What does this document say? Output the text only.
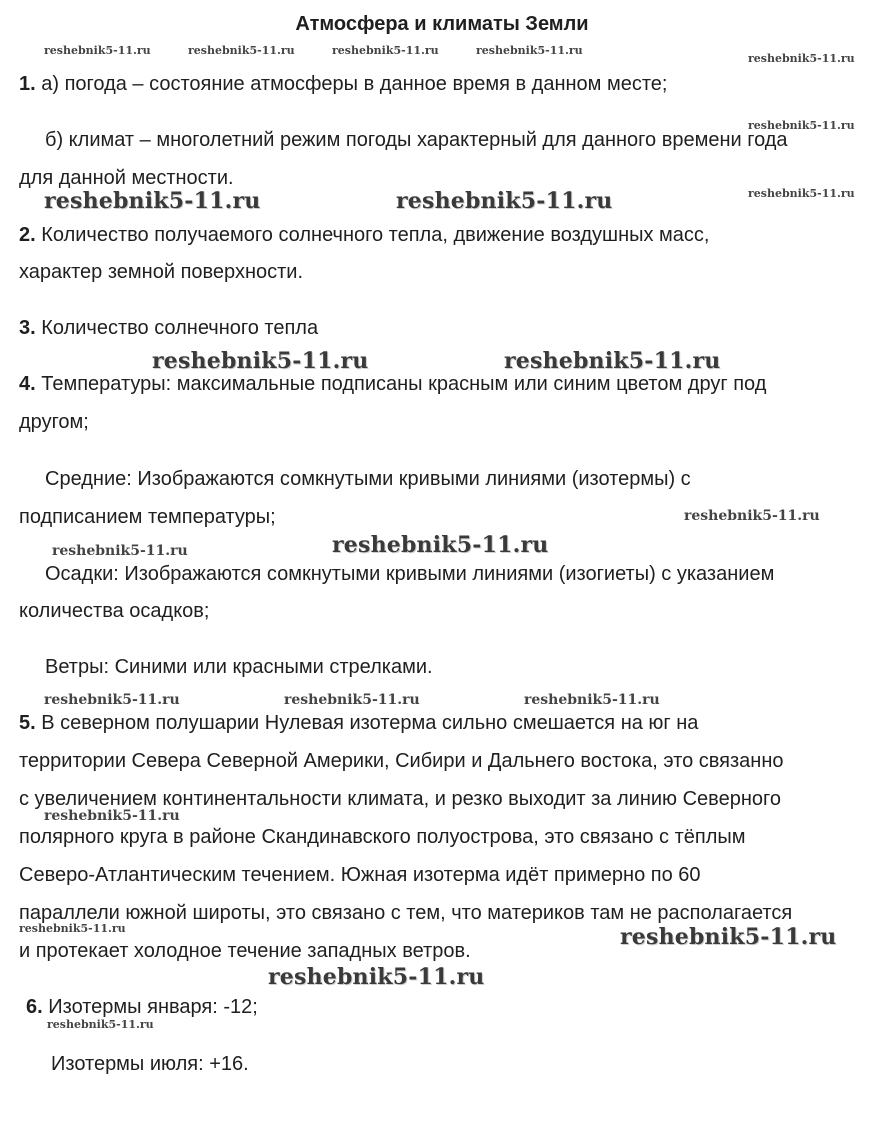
Атмосфера и климаты Земли
1. а) погода – состояние атмосферы в данное время в данном месте;
б) климат – многолетний режим погоды характерный для данного времени года
для данной местности.
2. Количество получаемого солнечного тепла, движение воздушных масс,
характер земной поверхности.
3. Количество солнечного тепла
4. Температуры: максимальные подписаны красным или синим цветом друг под
другом;
Средние: Изображаются сомкнутыми кривыми линиями (изотермы) с
подписанием температуры;
Осадки: Изображаются сомкнутыми кривыми линиями (изогиеты) с указанием
количества осадков;
Ветры: Синими или красными стрелками.
5. В северном полушарии Нулевая изотерма сильно смешается на юг на
территории Севера Северной Америки, Сибири и Дальнего востока, это связанно
с увеличением континентальности климата, и резко выходит за линию Северного
полярного круга в районе Скандинавского полуострова, это связано с тёплым
Северо-Атлантическим течением. Южная изотерма идёт примерно по 60
параллели южной широты, это связано с тем, что материков там не располагается
и протекает холодное течение западных ветров.
6. Изотермы января: -12;
Изотермы июля: +16.
reshebnik5-11.ru	reshebnik5-11.ru	reshebnik5-11.ru	reshebnik5-11.ru
reshebnik5-11.ru
reshebnik5-11.ru
reshebnik5-11.ru
reshebnik5-11.ru
reshebnik5-11.ru
reshebnik5-11.ru	reshebnik5-11.ru	reshebnik5-11.ru
reshebnik5-11.ru
reshebnik5-11.ru
reshebnik5-11.ru
reshebnik5-11.ru	reshebnik5-11.ru
reshebnik5-11.ru	reshebnik5-11.ru
reshebnik5-11.ru
reshebnik5-11.ru
reshebnik5-11.ru
